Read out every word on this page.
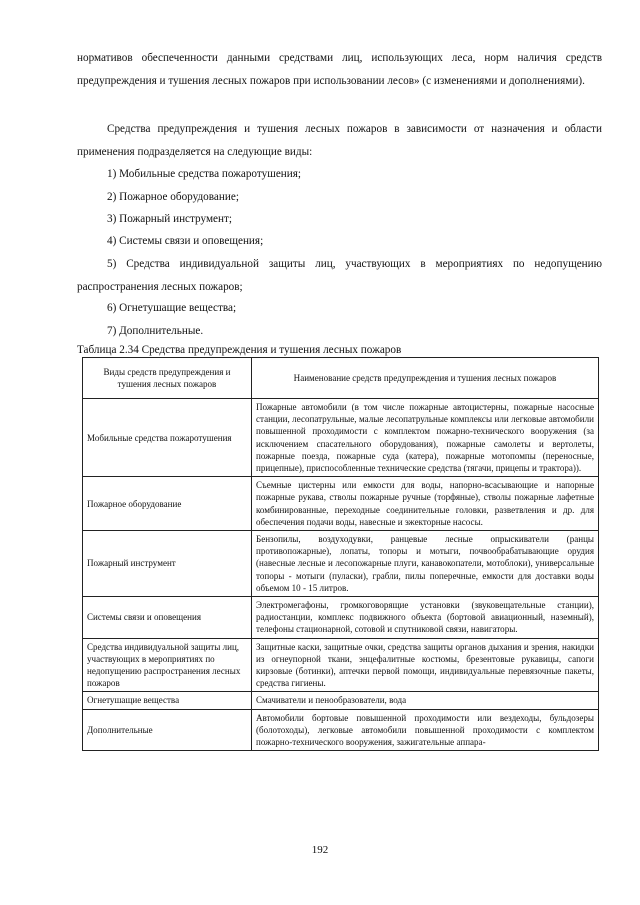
нормативов обеспеченности данными средствами лиц, использующих леса, норм наличия средств предупреждения и тушения лесных пожаров при использовании лесов» (с изменениями и дополнениями).

Средства предупреждения и тушения лесных пожаров в зависимости от назначения и области применения подразделяется на следующие виды:

1) Мобильные средства пожаротушения;

2) Пожарное оборудование;

3) Пожарный инструмент;

4) Системы связи и оповещения;

5) Средства индивидуальной защиты лиц, участвующих в мероприятиях по недопущению распространения лесных пожаров;

6) Огнетушащие вещества;

7) Дополнительные.

Таблица 2.34 Средства предупреждения и тушения лесных пожаров

Виды средств предупреждения и тушения лесных пожаров	Наименование средств предупреждения и тушения лесных пожаров
Мобильные средства пожаротушения	Пожарные автомобили (в том числе пожарные автоцистерны, пожарные насосные станции, лесопатрульные, малые лесопатрульные комплексы или легковые автомобили повышенной проходимости с комплектом пожарно-технического вооружения (за исключением спасательного оборудования), пожарные самолеты и вертолеты, пожарные поезда, пожарные суда (катера), пожарные мотопомпы (переносные, прицепные), приспособленные технические средства (тягачи, прицепы и трактора)).
Пожарное оборудование	Съемные цистерны или емкости для воды, напорно-всасывающие и напорные пожарные рукава, стволы пожарные ручные (торфяные), стволы пожарные лафетные комбинированные, переходные соединительные головки, разветвления и др. для обеспечения подачи воды, навесные и эжекторные насосы.
Пожарный инструмент	Бензопилы, воздуходувки, ранцевые лесные опрыскиватели (ранцы противопожарные), лопаты, топоры и мотыги, почвообрабатывающие орудия (навесные лесные и лесопожарные плуги, канавокопатели, мотоблоки), универсальные топоры - мотыги (пуласки), грабли, пилы поперечные, емкости для доставки воды объемом 10 - 15 литров.
Системы связи и оповещения	Электромегафоны, громкоговорящие установки (звуковещательные станции), радиостанции, комплекс подвижного объекта (бортовой авиационный, наземный), телефоны стационарной, сотовой и спутниковой связи, навигаторы.
Средства индивидуальной защиты лиц, участвующих в мероприятиях по недопущению распространения лесных пожаров	Защитные каски, защитные очки, средства защиты органов дыхания и зрения, накидки из огнеупорной ткани, энцефалитные костюмы, брезентовые рукавицы, сапоги кирзовые (ботинки), аптечки первой помощи, индивидуальные перевязочные пакеты, средства гигиены.
Огнетушащие вещества	Смачиватели и пенообразователи, вода
Дополнительные	Автомобили бортовые повышенной проходимости или вездеходы, бульдозеры (болотоходы), легковые автомобили повышенной проходимости с комплектом пожарно-технического вооружения, зажигательные аппара-
192
